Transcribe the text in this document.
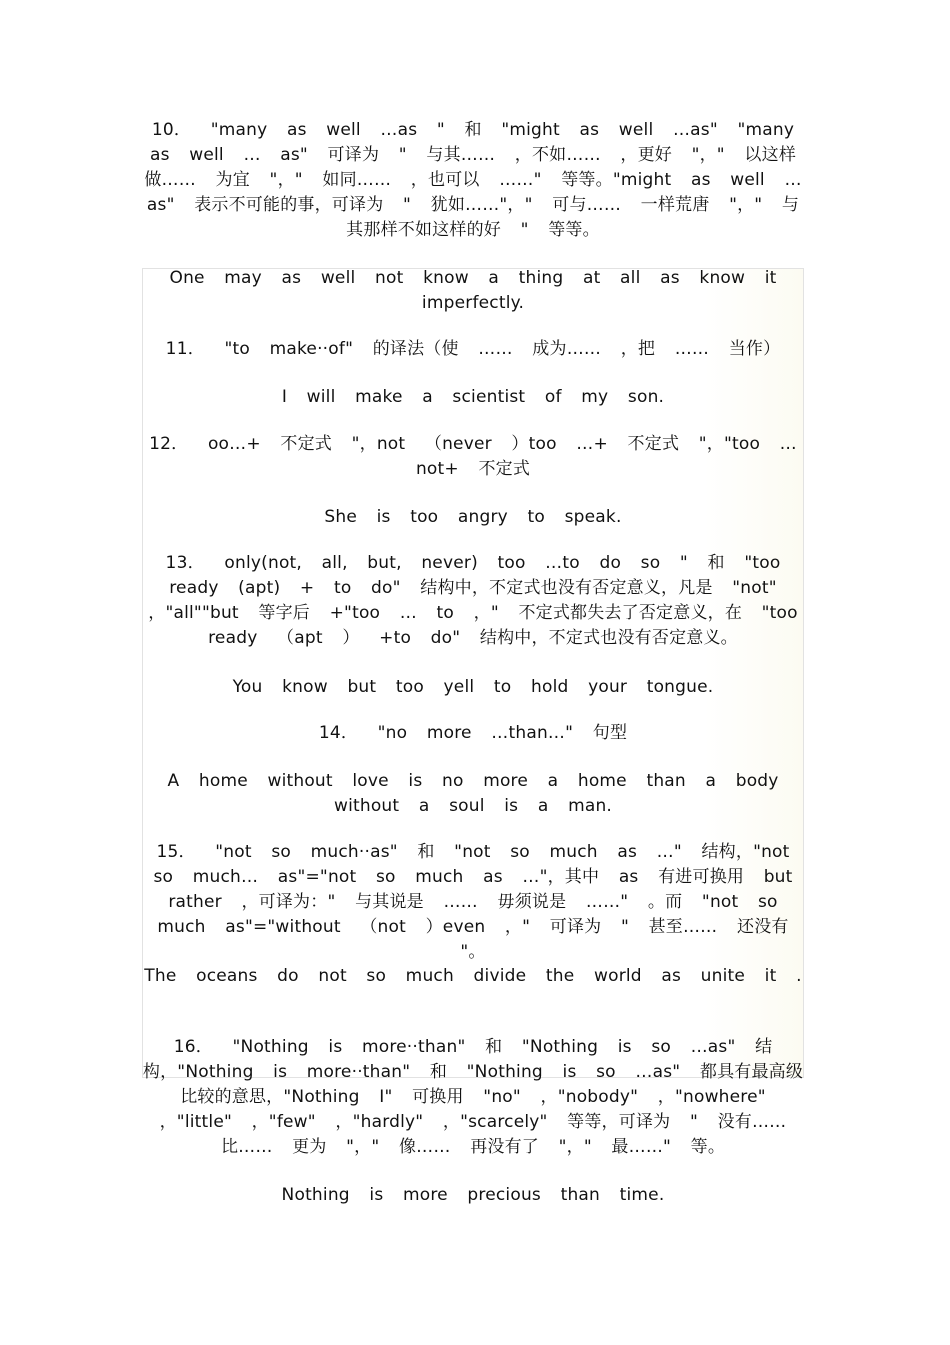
10． "many as well …as " 和 "might as well …as" "many as well … as" 可译为 " 与其…… ，不如…… ，更好 "，" 以这样做…… 为宜 "，" 如同…… ，也可以 ……" 等等。"might as well …as" 表示不可能的事，可译为 " 犹如……"，" 可与…… 一样荒唐 "，" 与其那样不如这样的好 " 等等。
One may as well not know a thing at all as know it imperfectly.
11． "to make··of" 的译法（使 …… 成为…… ，把 …… 当作）
I will make a scientist of my son.
12． oo…+ 不定式 "，not （never ）too …+ 不定式 "，"too …not+ 不定式
She is too angry to speak.
13． only(not, all, but, never) too …to do so " 和 "too ready (apt) + to do" 结构中，不定式也没有否定意义，凡是 "not" ，"all""but 等字后 +"too … to ，" 不定式都失去了否定意义，在 "too ready （apt ） +to do" 结构中，不定式也没有否定意义。
You know but too yell to hold your tongue.
14． "no more …than…" 句型
A home without love is no more a home than a body without a soul is a man.
15． "not so much··as" 和 "not so much as …" 结构，"not so much… as"="not so much as …"，其中 as 有进可换用 but rather ，可译为：" 与其说是 …… 毋须说是 ……" 。而 "not so much as"="without （not ）even ，" 可译为 " 甚至…… 还没有 "。
The oceans do not so much divide the world as unite it .
16． "Nothing is more··than" 和 "Nothing is so …as" 结构，"Nothing is more··than" 和 "Nothing is so …as" 都具有最高级比较的意思，"Nothing I" 可换用 "no" ，"nobody" ，"nowhere" ，"little" ，"few" ，"hardly" ，"scarcely" 等等，可译为 " 没有…… 比…… 更为 "，" 像…… 再没有了 "，" 最……" 等。
Nothing is more precious than time.
